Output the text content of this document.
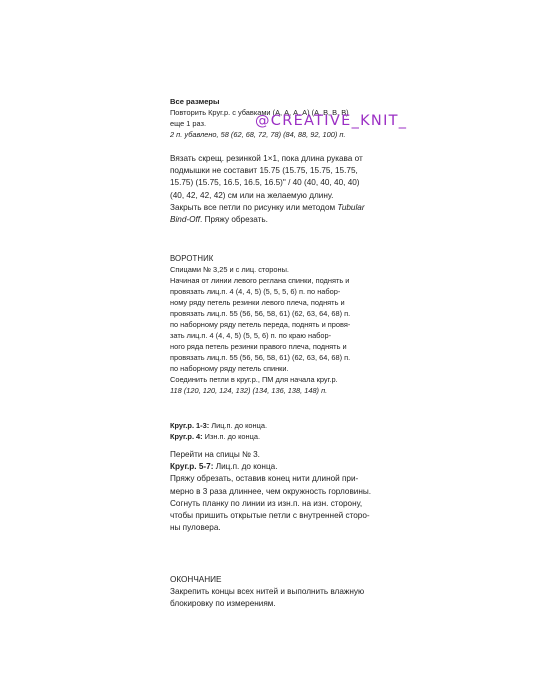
Все размеры
Повторить Круг.р. с убавками (А, А, А, А) (А, В, В, В)
еще 1 раз.
2 п. убавлено, 58 (62, 68, 72, 78) (84, 88, 92, 100) п.
@CREATIVE_KNIT_
Вязать скрещ. резинкой 1×1, пока длина рукава от
подмышки не составит 15.75 (15.75, 15.75, 15.75,
15.75) (15.75, 16.5, 16.5, 16.5)" / 40 (40, 40, 40, 40)
(40, 42, 42, 42) см или на желаемую длину.
Закрыть все петли по рисунку или методом Tubular
Bind-Off. Пряжу обрезать.
ВОРОТНИК
Спицами № 3,25 и с лиц. стороны.
Начиная от линии левого реглана спинки, поднять и
провязать лиц.п. 4 (4, 4, 5) (5, 5, 5, 6) п. по набор-
ному ряду петель резинки левого плеча, поднять и
провязать лиц.п. 55 (56, 56, 58, 61) (62, 63, 64, 68) п.
по наборному ряду петель переда, поднять и провя-
зать лиц.п. 4 (4, 4, 5) (5, 5, 6) п. по краю набор-
ного ряда петель резинки правого плеча, поднять и
провязать лиц.п. 55 (56, 56, 58, 61) (62, 63, 64, 68) п.
по наборному ряду петель спинки.
Соединить петли в круг.р., ПМ для начала круг.р.
118 (120, 120, 124, 132) (134, 136, 138, 148) п.
Круг.р. 1-3: Лиц.п. до конца.
Круг.р. 4: Изн.п. до конца.
Перейти на спицы № 3.
Круг.р. 5-7: Лиц.п. до конца.
Пряжу обрезать, оставив конец нити длиной при-
мерно в 3 раза длиннее, чем окружность горловины.
Согнуть планку по линии из изн.п. на изн. сторону,
чтобы пришить открытые петли с внутренней сторо-
ны пуловера.
ОКОНЧАНИЕ
Закрепить концы всех нитей и выполнить влажную
блокировку по измерениям.
